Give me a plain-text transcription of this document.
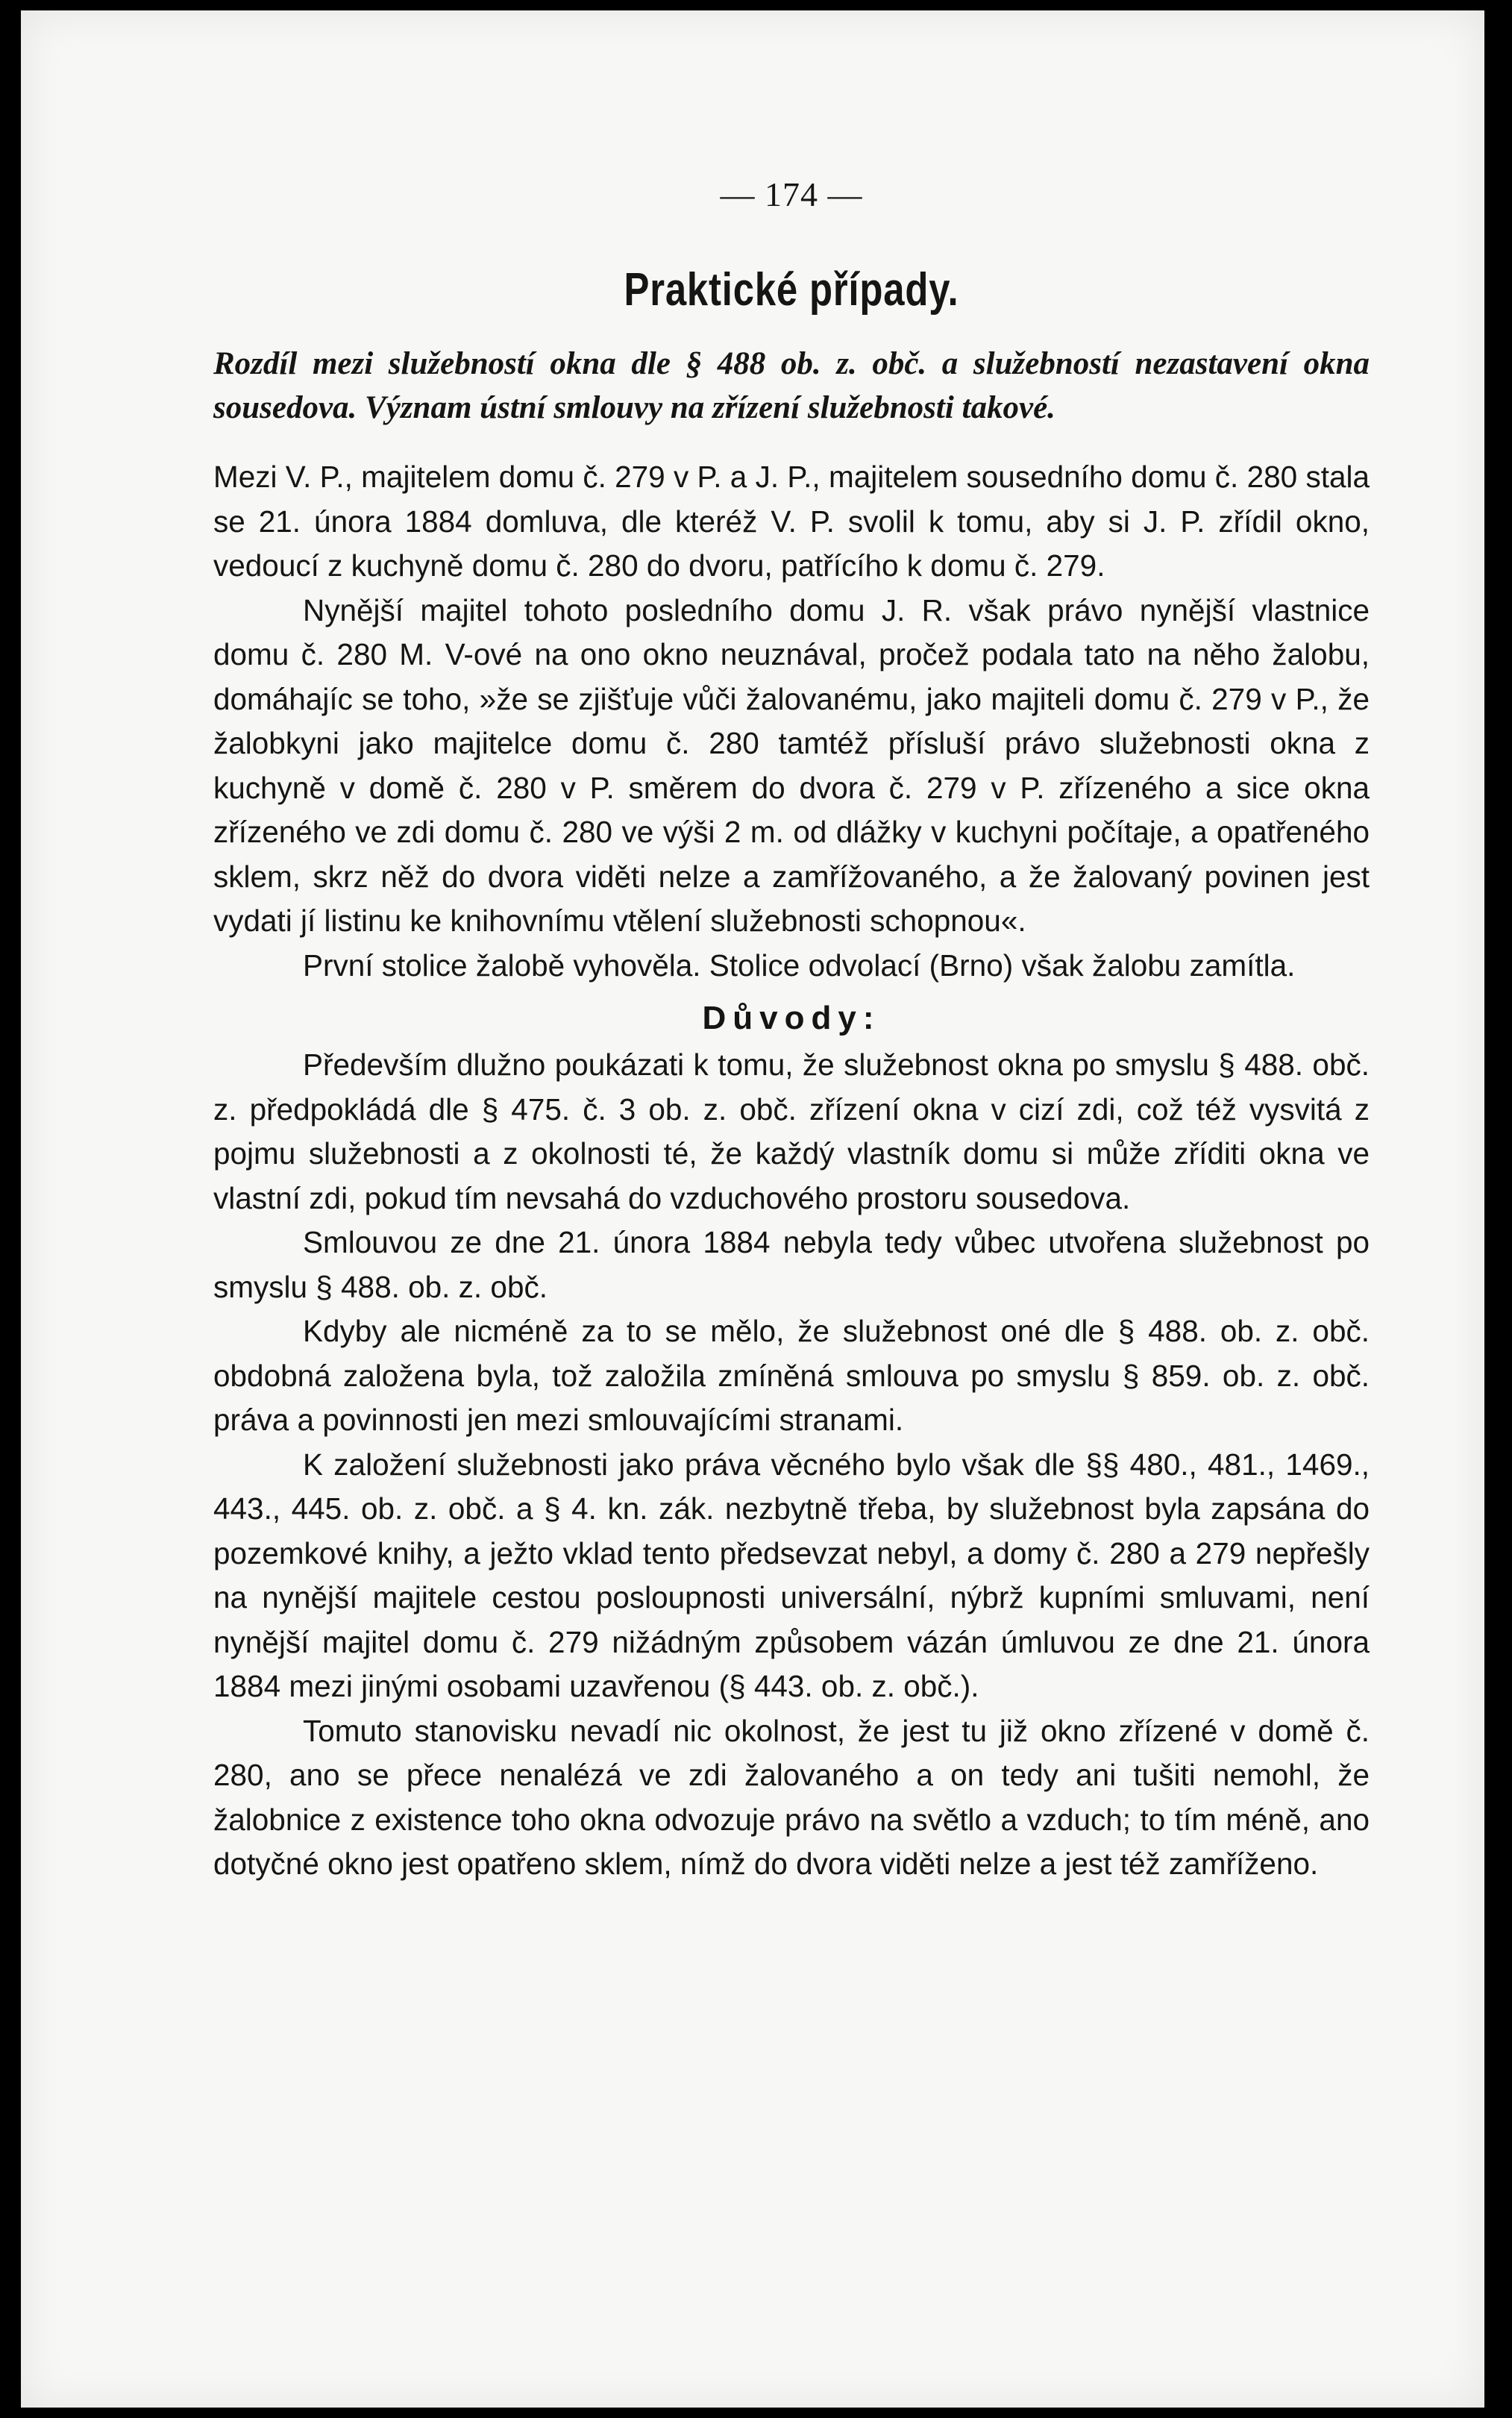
— 174 —
Praktické případy.

Rozdíl mezi služebností okna dle § 488 ob. z. obč. a služebností nezastavení okna sousedova. Význam ústní smlouvy na zřízení služebnosti takové.

Mezi V. P., majitelem domu č. 279 v P. a J. P., majitelem sousedního domu č. 280 stala se 21. února 1884 domluva, dle kteréž V. P. svolil k tomu, aby si J. P. zřídil okno, vedoucí z kuchyně domu č. 280 do dvoru, patřícího k domu č. 279.

Nynější majitel tohoto posledního domu J. R. však právo nynější vlastnice domu č. 280 M. V-ové na ono okno neuznával, pročež podala tato na něho žalobu, domáhajíc se toho, »že se zjišťuje vůči žalovanému, jako majiteli domu č. 279 v P., že žalobkyni jako majitelce domu č. 280 tamtéž přísluší právo služebnosti okna z kuchyně v domě č. 280 v P. směrem do dvora č. 279 v P. zřízeného a sice okna zřízeného ve zdi domu č. 280 ve výši 2 m. od dlážky v kuchyni počítaje, a opatřeného sklem, skrz něž do dvora viděti nelze a zamřížovaného, a že žalovaný povinen jest vydati jí listinu ke knihovnímu vtělení služebnosti schopnou«.

První stolice žalobě vyhověla. Stolice odvolací (Brno) však žalobu zamítla.

Důvody:

Především dlužno poukázati k tomu, že služebnost okna po smyslu § 488. obč. z. předpokládá dle § 475. č. 3 ob. z. obč. zřízení okna v cizí zdi, což též vysvitá z pojmu služebnosti a z okolnosti té, že každý vlastník domu si může zříditi okna ve vlastní zdi, pokud tím nevsahá do vzduchového prostoru sousedova.

Smlouvou ze dne 21. února 1884 nebyla tedy vůbec utvořena služebnost po smyslu § 488. ob. z. obč.

Kdyby ale nicméně za to se mělo, že služebnost oné dle § 488. ob. z. obč. obdobná založena byla, tož založila zmíněná smlouva po smyslu § 859. ob. z. obč. práva a povinnosti jen mezi smlouvajícími stranami.

K založení služebnosti jako práva věcného bylo však dle §§ 480., 481., 1469., 443., 445. ob. z. obč. a § 4. kn. zák. nezbytně třeba, by služebnost byla zapsána do pozemkové knihy, a ježto vklad tento předsevzat nebyl, a domy č. 280 a 279 nepřešly na nynější majitele cestou posloupnosti universální, nýbrž kupními smluvami, není nynější majitel domu č. 279 nižádným způsobem vázán úmluvou ze dne 21. února 1884 mezi jinými osobami uzavřenou (§ 443. ob. z. obč.).

Tomuto stanovisku nevadí nic okolnost, že jest tu již okno zřízené v domě č. 280, ano se přece nenalézá ve zdi žalovaného a on tedy ani tušiti nemohl, že žalobnice z existence toho okna odvozuje právo na světlo a vzduch; to tím méně, ano dotyčné okno jest opatřeno sklem, nímž do dvora viděti nelze a jest též zamříženo.
